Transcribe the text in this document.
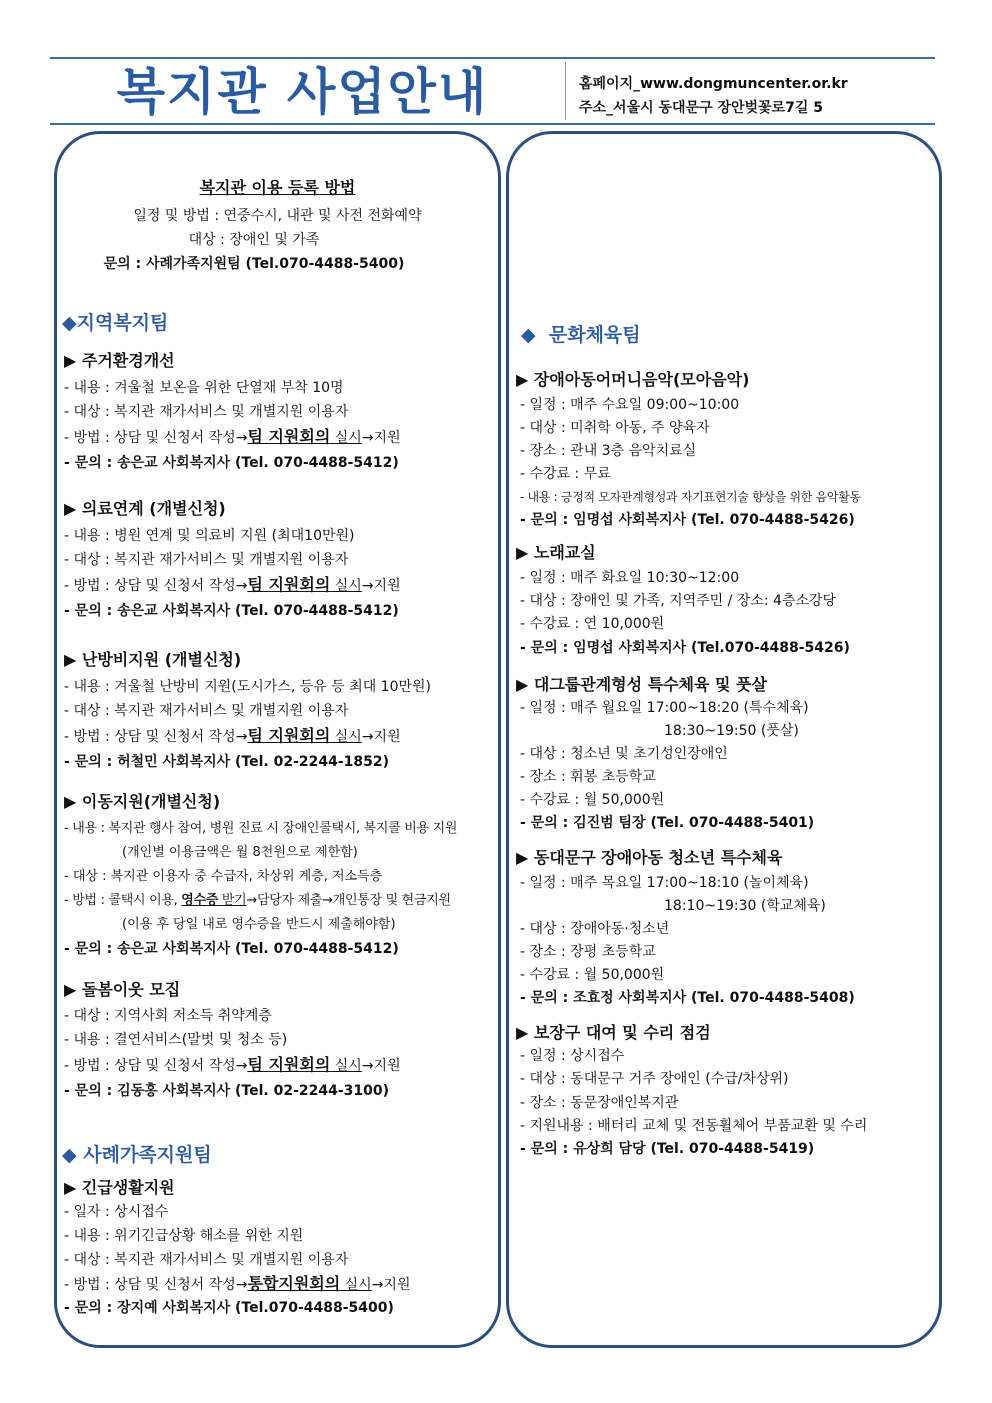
복지관 사업안내	홈페이지_www.dongmuncenter.or.kr
주소_서울시 동대문구 장안벚꽃로7길 5
복지관 이용 등록 방법
일정 및 방법 : 연중수시, 내관 및 사전 전화예약
대상 : 장애인 및 가족
문의 : 사례가족지원팀 (Tel.070-4488-5400)
◆지역복지팀
▶ 주거환경개선
- 내용 : 겨울철 보온을 위한 단열재 부착 10명
- 대상 : 복지관 재가서비스 및 개별지원 이용자
- 방법 : 상담 및 신청서 작성→팀 지원회의 실시→지원
- 문의 : 송은교 사회복지사 (Tel. 070-4488-5412)
▶ 의료연계 (개별신청)
- 내용 : 병원 연계 및 의료비 지원 (최대10만원)
- 대상 : 복지관 재가서비스 및 개별지원 이용자
- 방법 : 상담 및 신청서 작성→팀 지원회의 실시→지원
- 문의 : 송은교 사회복지사 (Tel. 070-4488-5412)
▶ 난방비지원 (개별신청)
- 내용 : 겨울철 난방비 지원(도시가스, 등유 등 최대 10만원)
- 대상 : 복지관 재가서비스 및 개별지원 이용자
- 방법 : 상담 및 신청서 작성→팀 지원회의 실시→지원
- 문의 : 허철민 사회복지사 (Tel. 02-2244-1852)
▶ 이동지원(개별신청)
- 내용 : 복지관 행사 참여, 병원 진료 시 장애인콜택시, 복지콜 비용 지원
(개인별 이용금액은 월 8천원으로 제한함)
- 대상 : 복지관 이용자 중 수급자, 차상위 계층, 저소득층
- 방법 : 콜택시 이용, 영수증 받기→담당자 제출→개인통장 및 현금지원
(이용 후 당일 내로 영수증을 반드시 제출해야함)
- 문의 : 송은교 사회복지사 (Tel. 070-4488-5412)
▶ 돌봄이웃 모집
- 대상 : 지역사회 저소득 취약계층
- 내용 : 결연서비스(말벗 및 청소 등)
- 방법 : 상담 및 신청서 작성→팀 지원회의 실시→지원
- 문의 : 김동홍 사회복지사 (Tel. 02-2244-3100)
◆ 사례가족지원팀
▶ 긴급생활지원
- 일자 : 상시접수
- 내용 : 위기긴급상황 해소를 위한 지원
- 대상 : 복지관 재가서비스 및 개별지원 이용자
- 방법 : 상담 및 신청서 작성→통합지원회의 실시→지원
- 문의 : 장지예 사회복지사 (Tel.070-4488-5400)
◆ 문화체육팀
▶ 장애아동어머니음악(모아음악)
- 일정 : 매주 수요일 09:00~10:00
- 대상 : 미취학 아동, 주 양육자
- 장소 : 관내 3층 음악치료실
- 수강료 : 무료
- 내용 : 긍정적 모자관계형성과 자기표현기술 향상을 위한 음악활동
- 문의 : 임명섭 사회복지사 (Tel. 070-4488-5426)
▶ 노래교실
- 일정 : 매주 화요일 10:30~12:00
- 대상 : 장애인 및 가족, 지역주민 / 장소: 4층소강당
- 수강료 : 연 10,000원
- 문의 : 임명섭 사회복지사 (Tel.070-4488-5426)
▶ 대그룹관계형성 특수체육 및 풋살
- 일정 : 매주 월요일 17:00~18:20 (특수체육)
18:30~19:50 (풋살)
- 대상 : 청소년 및 초기성인장애인
- 장소 : 휘봉 초등학교
- 수강료 : 월 50,000원
- 문의 : 김진범 팀장 (Tel. 070-4488-5401)
▶ 동대문구 장애아동 청소년 특수체육
- 일정 : 매주 목요일 17:00~18:10 (놀이체육)
18:10~19:30 (학교체육)
- 대상 : 장애아동·청소년
- 장소 : 장평 초등학교
- 수강료 : 월 50,000원
- 문의 : 조효정 사회복지사 (Tel. 070-4488-5408)
▶ 보장구 대여 및 수리 점검
- 일정 : 상시접수
- 대상 : 동대문구 거주 장애인 (수급/차상위)
- 장소 : 동문장애인복지관
- 지원내용 : 배터리 교체 및 전동휠체어 부품교환 및 수리
- 문의 : 유상희 담당 (Tel. 070-4488-5419)
